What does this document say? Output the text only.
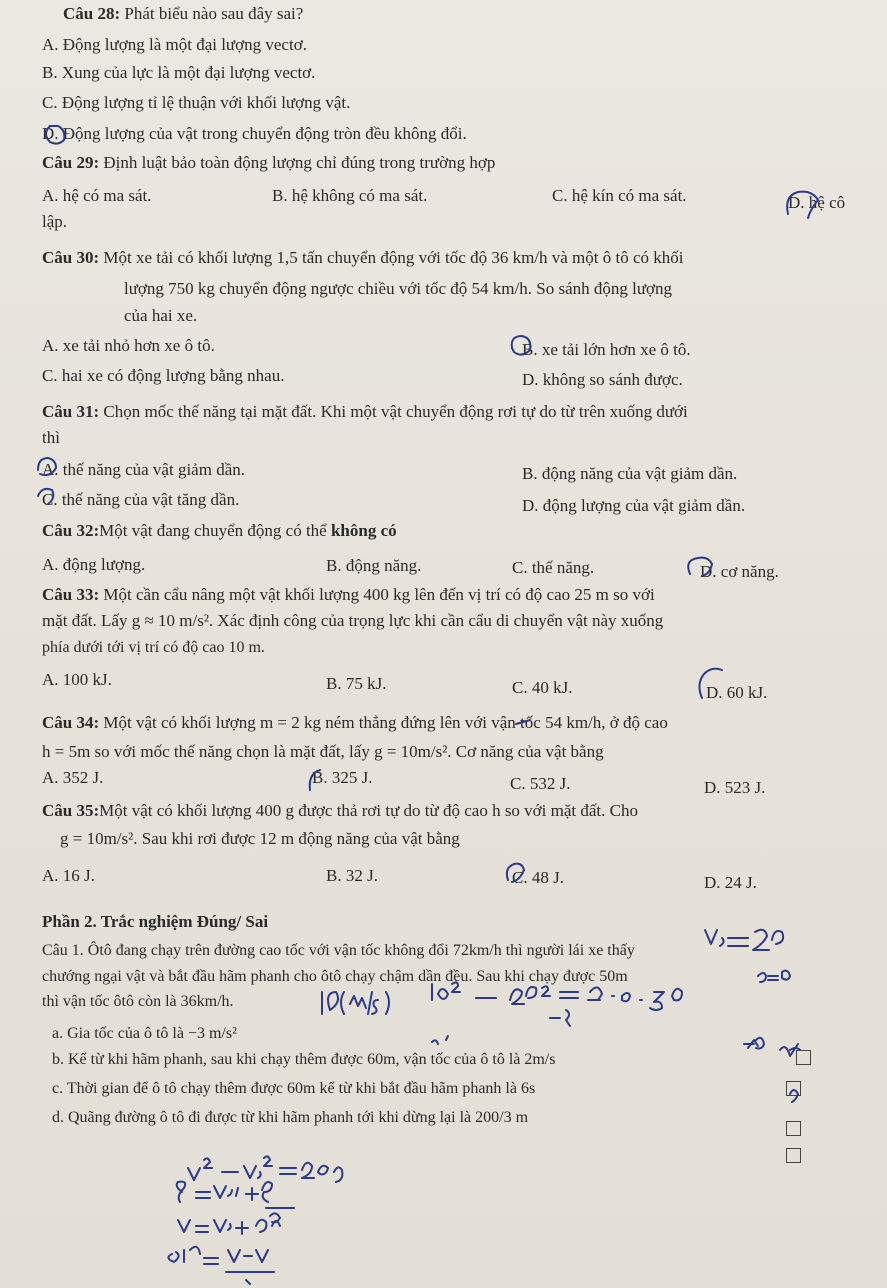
Câu 28: Phát biểu nào sau đây sai?
A. Động lượng là một đại lượng vectơ.
B. Xung của lực là một đại lượng vectơ.
C. Động lượng tỉ lệ thuận với khối lượng vật.
D. Động lượng của vật trong chuyển động tròn đều không đổi.
Câu 29: Định luật bảo toàn động lượng chỉ đúng trong trường hợp
A. hệ có ma sát.	B. hệ không có ma sát.	C. hệ kín có ma sát.	D. hệ cô
lập.
Câu 30: Một xe tải có khối lượng 1,5 tấn chuyển động với tốc độ 36 km/h và một ô tô có khối
lượng 750 kg chuyển động ngược chiều với tốc độ 54 km/h. So sánh động lượng
của hai xe.
A. xe tải nhỏ hơn xe ô tô.	B. xe tải lớn hơn xe ô tô.
C. hai xe có động lượng bằng nhau.	D. không so sánh được.
Câu 31: Chọn mốc thế năng tại mặt đất. Khi một vật chuyển động rơi tự do từ trên xuống dưới
thì
A. thế năng của vật giảm dần.	B. động năng của vật giảm dần.
C. thế năng của vật tăng dần.	D. động lượng của vật giảm dần.
Câu 32:Một vật đang chuyển động có thể không có
A. động lượng.	B. động năng.	C. thế năng.	D. cơ năng.
Câu 33: Một cần cẩu nâng một vật khối lượng 400 kg lên đến vị trí có độ cao 25 m so với
mặt đất. Lấy g ≈ 10 m/s². Xác định công của trọng lực khi cần cẩu di chuyển vật này xuống
phía dưới tới vị trí có độ cao 10 m.
A. 100 kJ.	B. 75 kJ.	C. 40 kJ.	D. 60 kJ.
Câu 34: Một vật có khối lượng m = 2 kg ném thẳng đứng lên với vận tốc 54 km/h, ở độ cao
h = 5m so với mốc thế năng chọn là mặt đất, lấy g = 10m/s². Cơ năng của vật bằng
A. 352 J.	B. 325 J.	C. 532 J.	D. 523 J.
Câu 35:Một vật có khối lượng 400 g được thả rơi tự do từ độ cao h so với mặt đất. Cho
g = 10m/s². Sau khi rơi được 12 m động năng của vật bằng
A. 16 J.	B. 32 J.	C. 48 J.	D. 24 J.
Phần 2. Trắc nghiệm Đúng/ Sai
Câu 1. Ôtô đang chạy trên đường cao tốc với vận tốc không đổi 72km/h thì người lái xe thấy
chướng ngại vật và bắt đầu hãm phanh cho ôtô chạy chậm dần đều. Sau khi chạy được 50m
thì vận tốc ôtô còn là 36km/h.
a. Gia tốc của ô tô là −3 m/s²
b. Kể từ khi hãm phanh, sau khi chạy thêm được 60m, vận tốc của ô tô là 2m/s
c. Thời gian để ô tô chạy thêm được 60m kể từ khi bắt đầu hãm phanh là 6s
d. Quãng đường ô tô đi được từ khi hãm phanh tới khi dừng lại là 200/3 m
